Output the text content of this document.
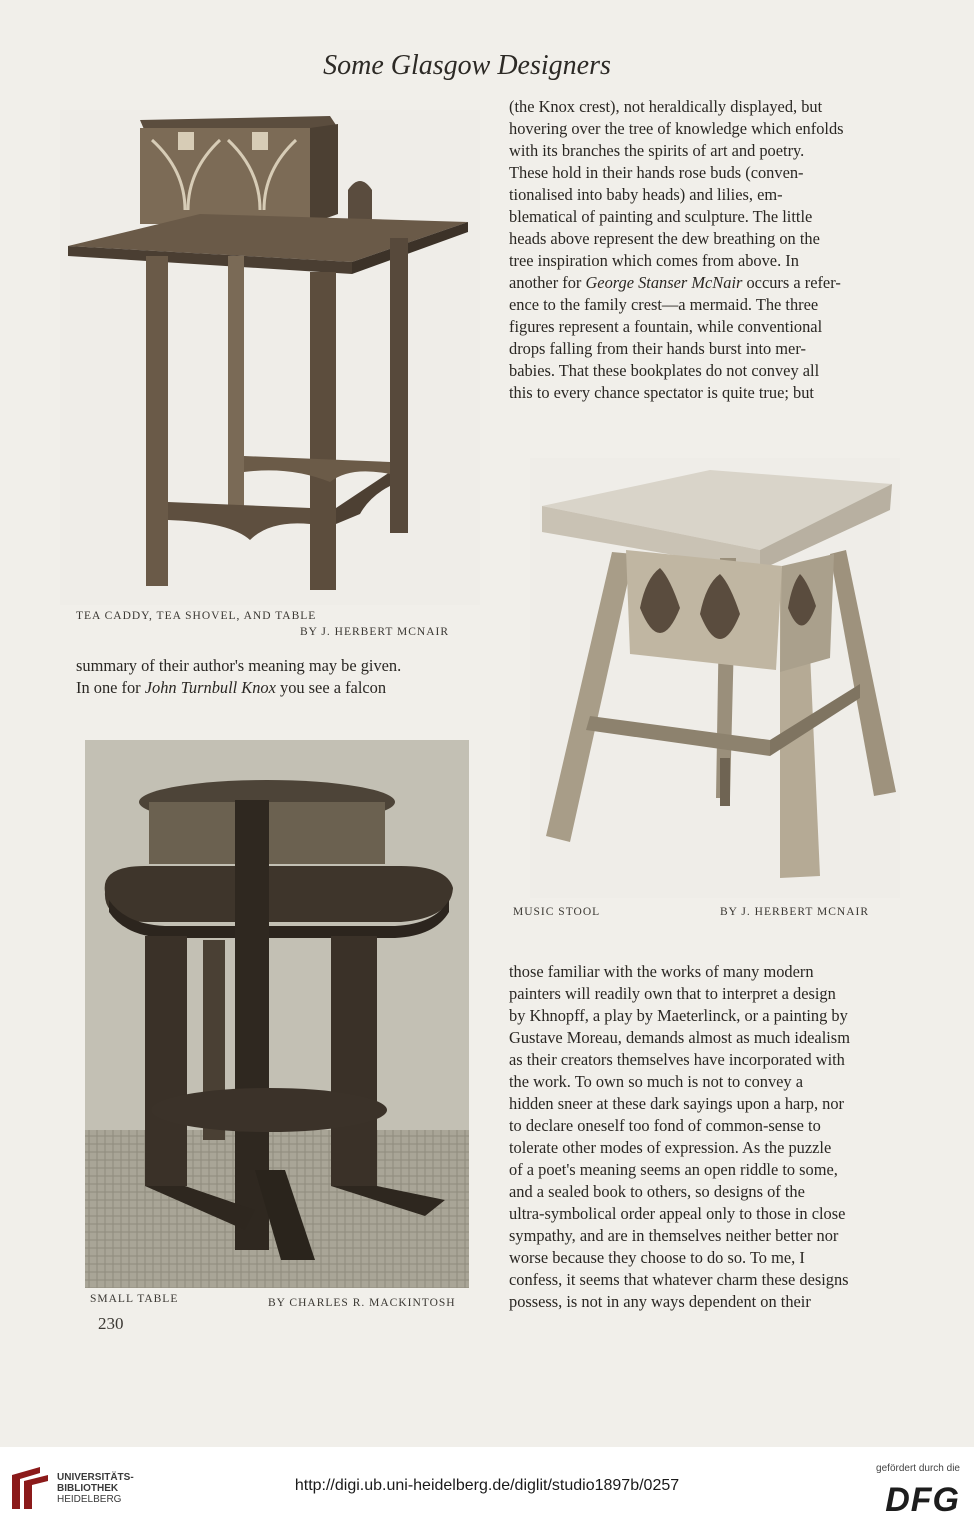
Some Glasgow Designers
(the Knox crest), not heraldically displayed, but
hovering over the tree of knowledge which enfolds
with its branches the spirits of art and poetry.
These hold in their hands rose buds (conven-
tionalised into baby heads) and lilies, em-
blematical of painting and sculpture. The little
heads above represent the dew breathing on the
tree inspiration which comes from above. In
another for George Stanser McNair occurs a refer-
ence to the family crest—a mermaid. The three
figures represent a fountain, while conventional
drops falling from their hands burst into mer-
babies. That these bookplates do not convey all
this to every chance spectator is quite true; but
TEA CADDY, TEA SHOVEL, AND TABLE
BY J. HERBERT MCNAIR
summary of their author's meaning may be given.
In one for John Turnbull Knox you see a falcon
MUSIC STOOL	BY J. HERBERT MCNAIR
SMALL TABLE	BY CHARLES R. MACKINTOSH
those familiar with the works of many modern
painters will readily own that to interpret a design
by Khnopff, a play by Maeterlinck, or a painting by
Gustave Moreau, demands almost as much idealism
as their creators themselves have incorporated with
the work. To own so much is not to convey a
hidden sneer at these dark sayings upon a harp, nor
to declare oneself too fond of common-sense to
tolerate other modes of expression. As the puzzle
of a poet's meaning seems an open riddle to some,
and a sealed book to others, so designs of the
ultra-symbolical order appeal only to those in close
sympathy, and are in themselves neither better nor
worse because they choose to do so. To me, I
confess, it seems that whatever charm these designs
possess, is not in any ways dependent on their
230
UNIVERSITÄTS-
BIBLIOTHEK
HEIDELBERG
http://digi.ub.uni-heidelberg.de/diglit/studio1897b/0257
gefördert durch die
DFG
